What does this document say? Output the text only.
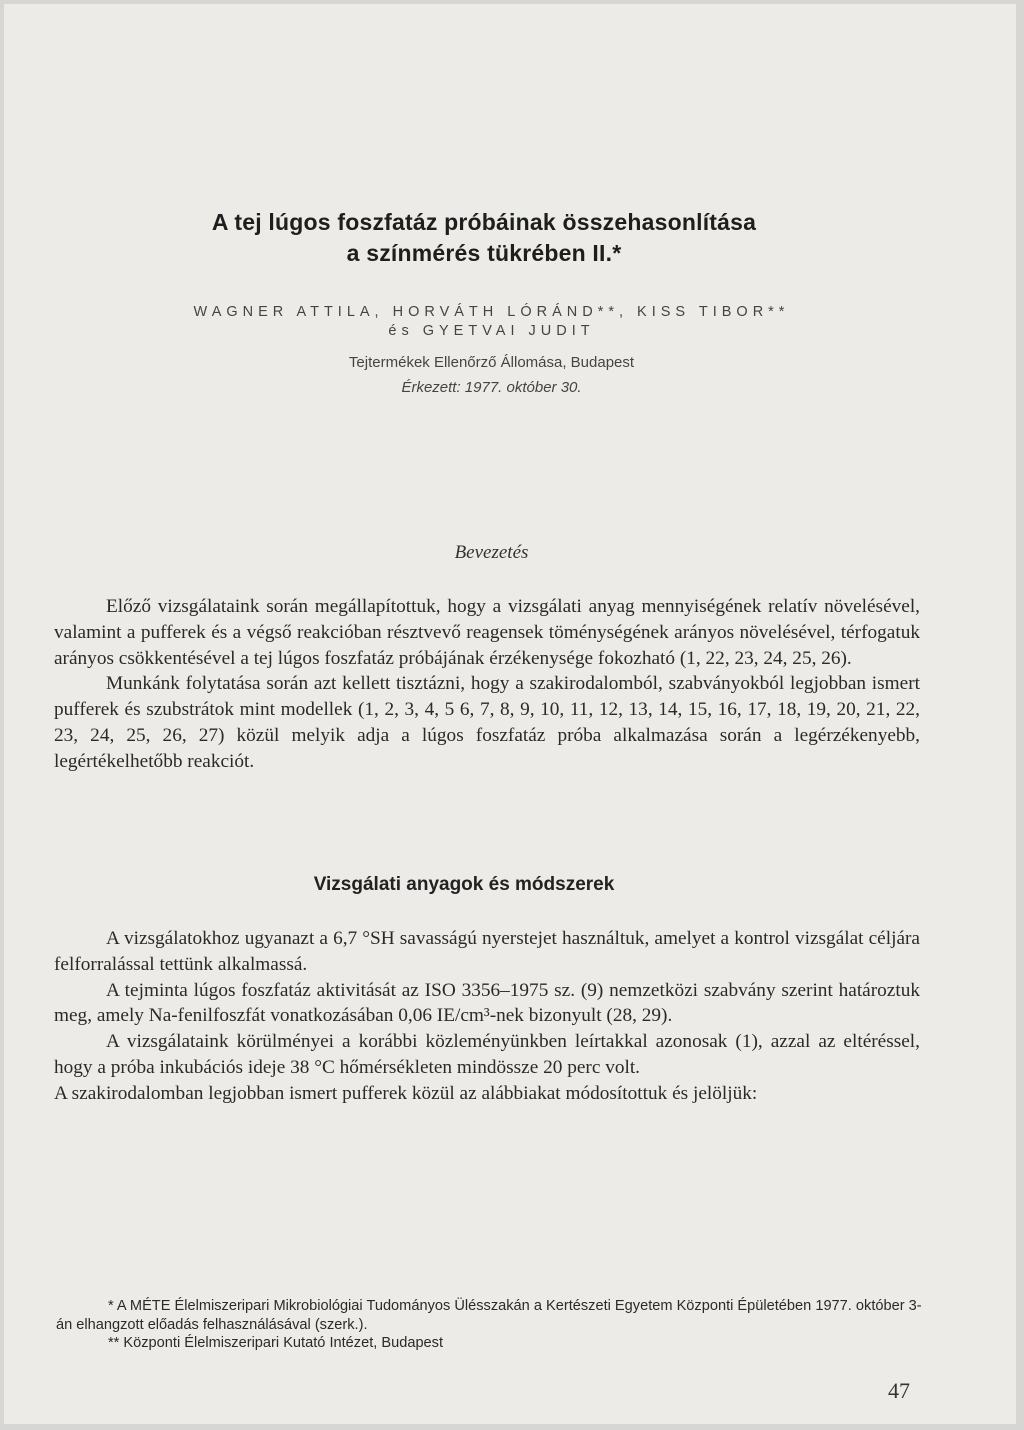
A tej lúgos foszfatáz próbáinak összehasonlítása
a színmérés tükrében II.*
WAGNER ATTILA, HORVÁTH LÓRÁND**, KISS TIBOR**
és GYETVAI JUDIT
Tejtermékek Ellenőrző Állomása, Budapest
Érkezett: 1977. október 30.
Bevezetés

Előző vizsgálataink során megállapítottuk, hogy a vizsgálati anyag mennyiségének relatív növelésével, valamint a pufferek és a végső reakcióban résztvevő reagensek töménységének arányos növelésével, térfogatuk arányos csökkentésével a tej lúgos foszfatáz próbájának érzékenysége fokozható (1, 22, 23, 24, 25, 26).

Munkánk folytatása során azt kellett tisztázni, hogy a szakirodalomból, szabványokból legjobban ismert pufferek és szubstrátok mint modellek (1, 2, 3, 4, 5 6, 7, 8, 9, 10, 11, 12, 13, 14, 15, 16, 17, 18, 19, 20, 21, 22, 23, 24, 25, 26, 27) közül melyik adja a lúgos foszfatáz próba alkalmazása során a legérzékenyebb, legértékelhetőbb reakciót.

Vizsgálati anyagok és módszerek

A vizsgálatokhoz ugyanazt a 6,7 °SH savasságú nyerstejet használtuk, amelyet a kontrol vizsgálat céljára felforralással tettünk alkalmassá.

A tejminta lúgos foszfatáz aktivitását az ISO 3356–1975 sz. (9) nemzetközi szabvány szerint határoztuk meg, amely Na-fenilfoszfát vonatkozásában 0,06 IE/cm³-nek bizonyult (28, 29).

A vizsgálataink körülményei a korábbi közleményünkben leírtakkal azonosak (1), azzal az eltéréssel, hogy a próba inkubációs ideje 38 °C hőmérsékleten mindössze 20 perc volt.

A szakirodalomban legjobban ismert pufferek közül az alábbiakat módosítottuk és jelöljük:

* A MÉTE Élelmiszeripari Mikrobiológiai Tudományos Ülésszakán a Kertészeti Egyetem Központi Épületében 1977. október 3-án elhangzott előadás felhasználásával (szerk.).

** Központi Élelmiszeripari Kutató Intézet, Budapest

47
